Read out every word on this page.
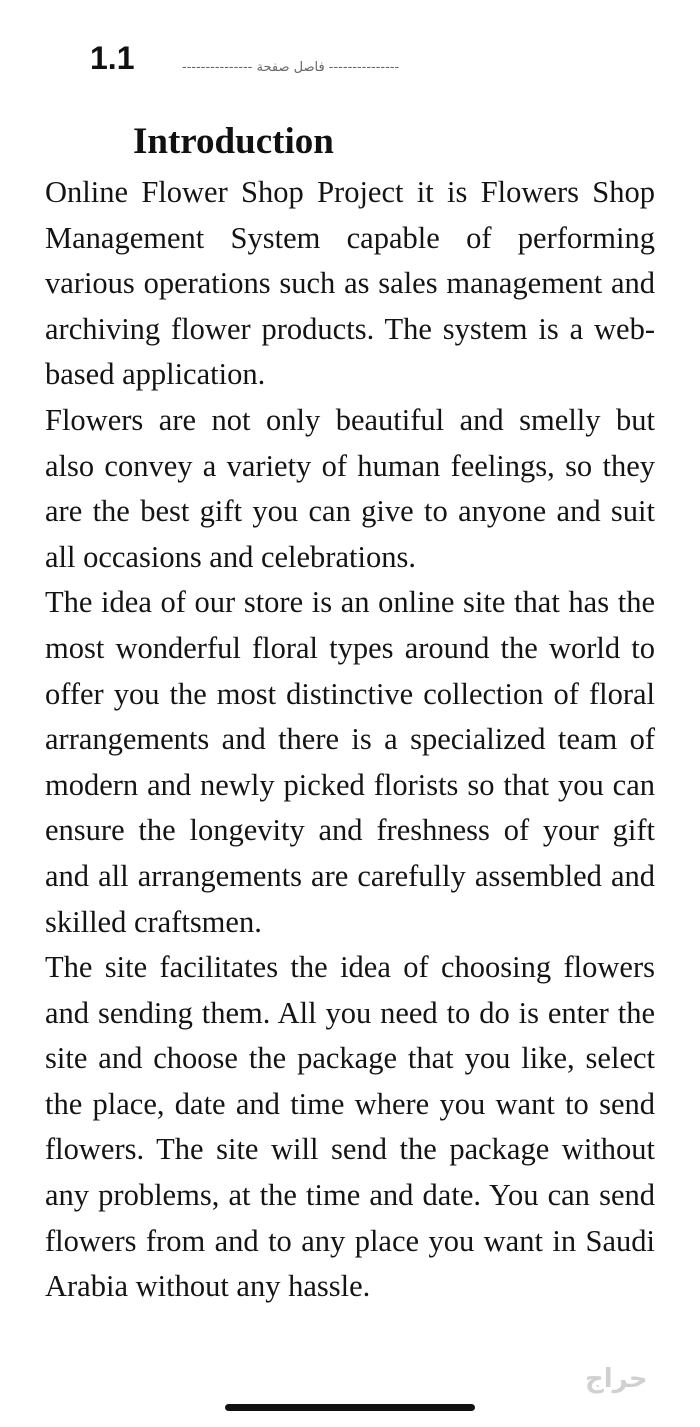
1.1	--------------- فاصل صفحة ---------------
Introduction

Online Flower Shop Project it is Flowers Shop Management System capable of performing various operations such as sales management and archiving flower products. The system is a web-based application.

Flowers are not only beautiful and smelly but also convey a variety of human feelings, so they are the best gift you can give to anyone and suit all occasions and celebrations.

The idea of our store is an online site that has the most wonderful floral types around the world to offer you the most distinctive collection of floral arrangements and there is a specialized team of modern and newly picked florists so that you can ensure the longevity and freshness of your gift and all arrangements are carefully assembled and skilled craftsmen.

The site facilitates the idea of choosing flowers and sending them. All you need to do is enter the site and choose the package that you like, select the place, date and time where you want to send flowers. The site will send the package without any problems, at the time and date. You can send flowers from and to any place you want in Saudi Arabia without any hassle.

حراج
